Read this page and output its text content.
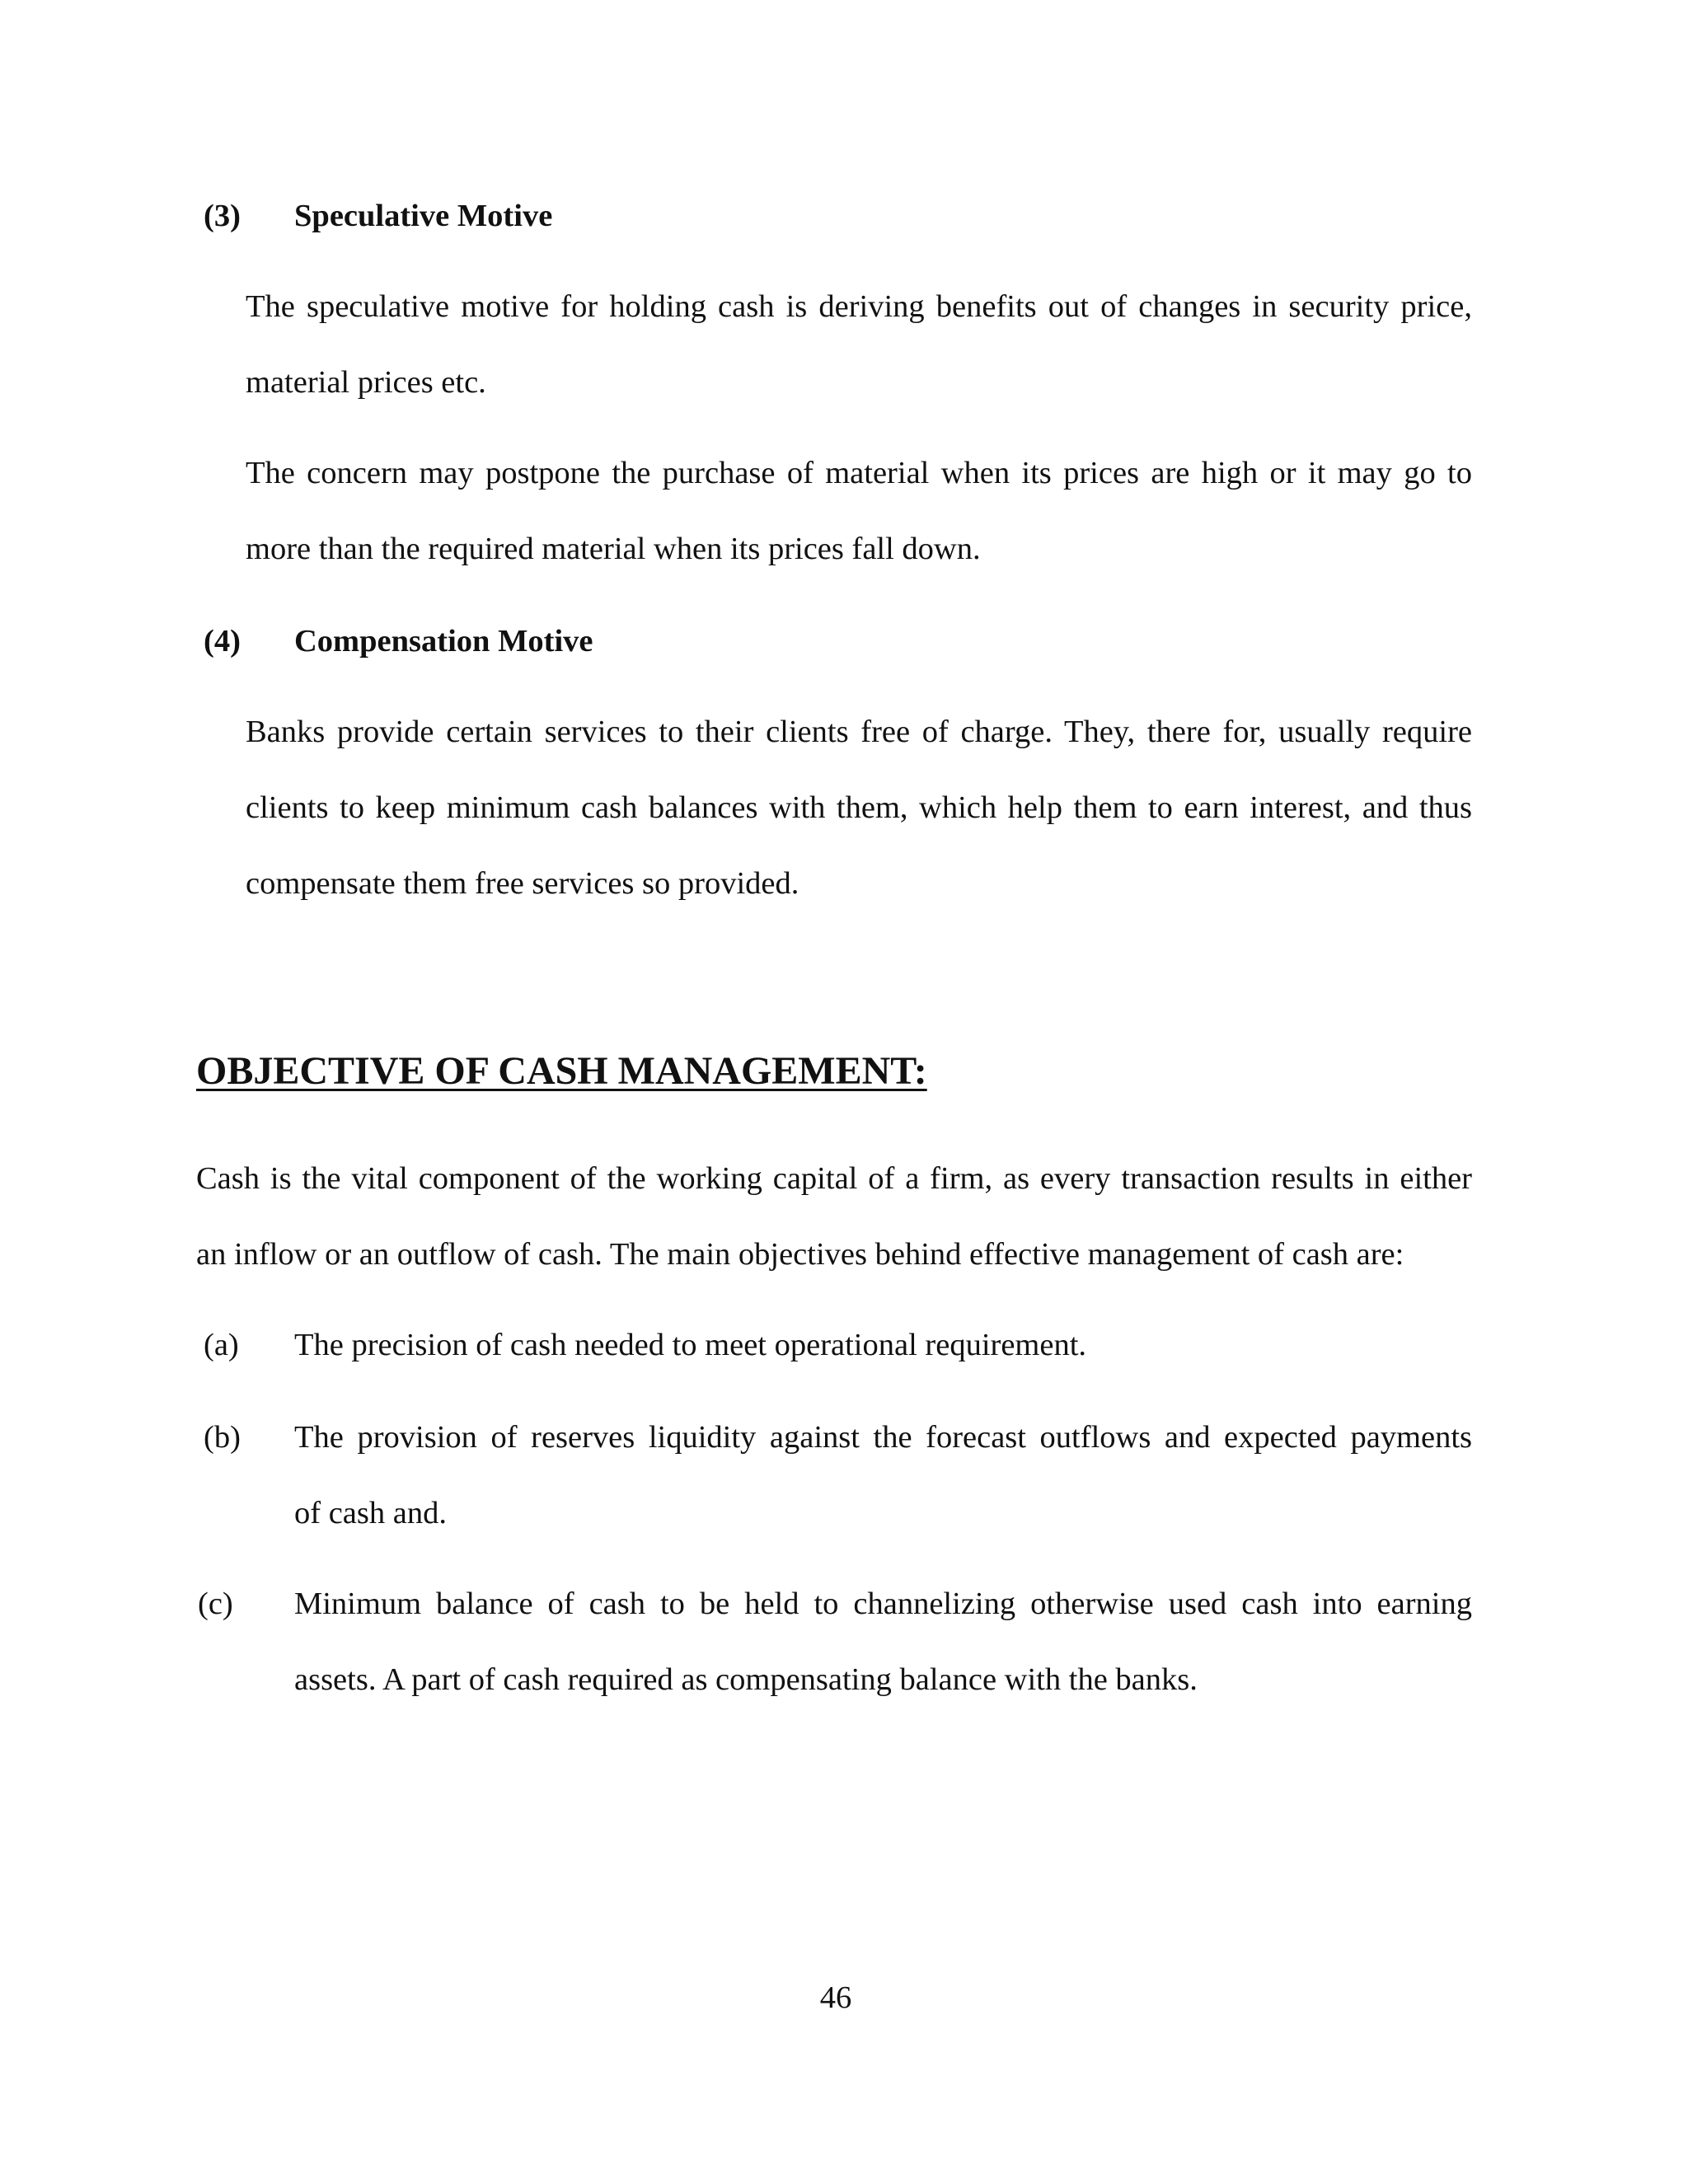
(3) Speculative Motive
The speculative motive for holding cash is deriving benefits out of changes in security price,
material prices etc.
The concern may postpone the purchase of material when its prices are high or it may go to
more than the required material when its prices fall down.
(4) Compensation Motive
Banks provide certain services to their clients free of charge. They, there for, usually require
clients to keep minimum cash balances with them, which help them to earn interest, and thus
compensate them free services so provided.
OBJECTIVE OF CASH MANAGEMENT:
Cash is the vital component of the working capital of a firm, as every transaction results in either
an inflow or an outflow of cash. The main objectives behind effective management of cash are:
(a) The precision of cash needed to meet operational requirement.
(b) The provision of reserves liquidity against the forecast outflows and expected payments
of cash and.
(c) Minimum balance of cash to be held to channelizing otherwise used cash into earning
assets. A part of cash required as compensating balance with the banks.
46
